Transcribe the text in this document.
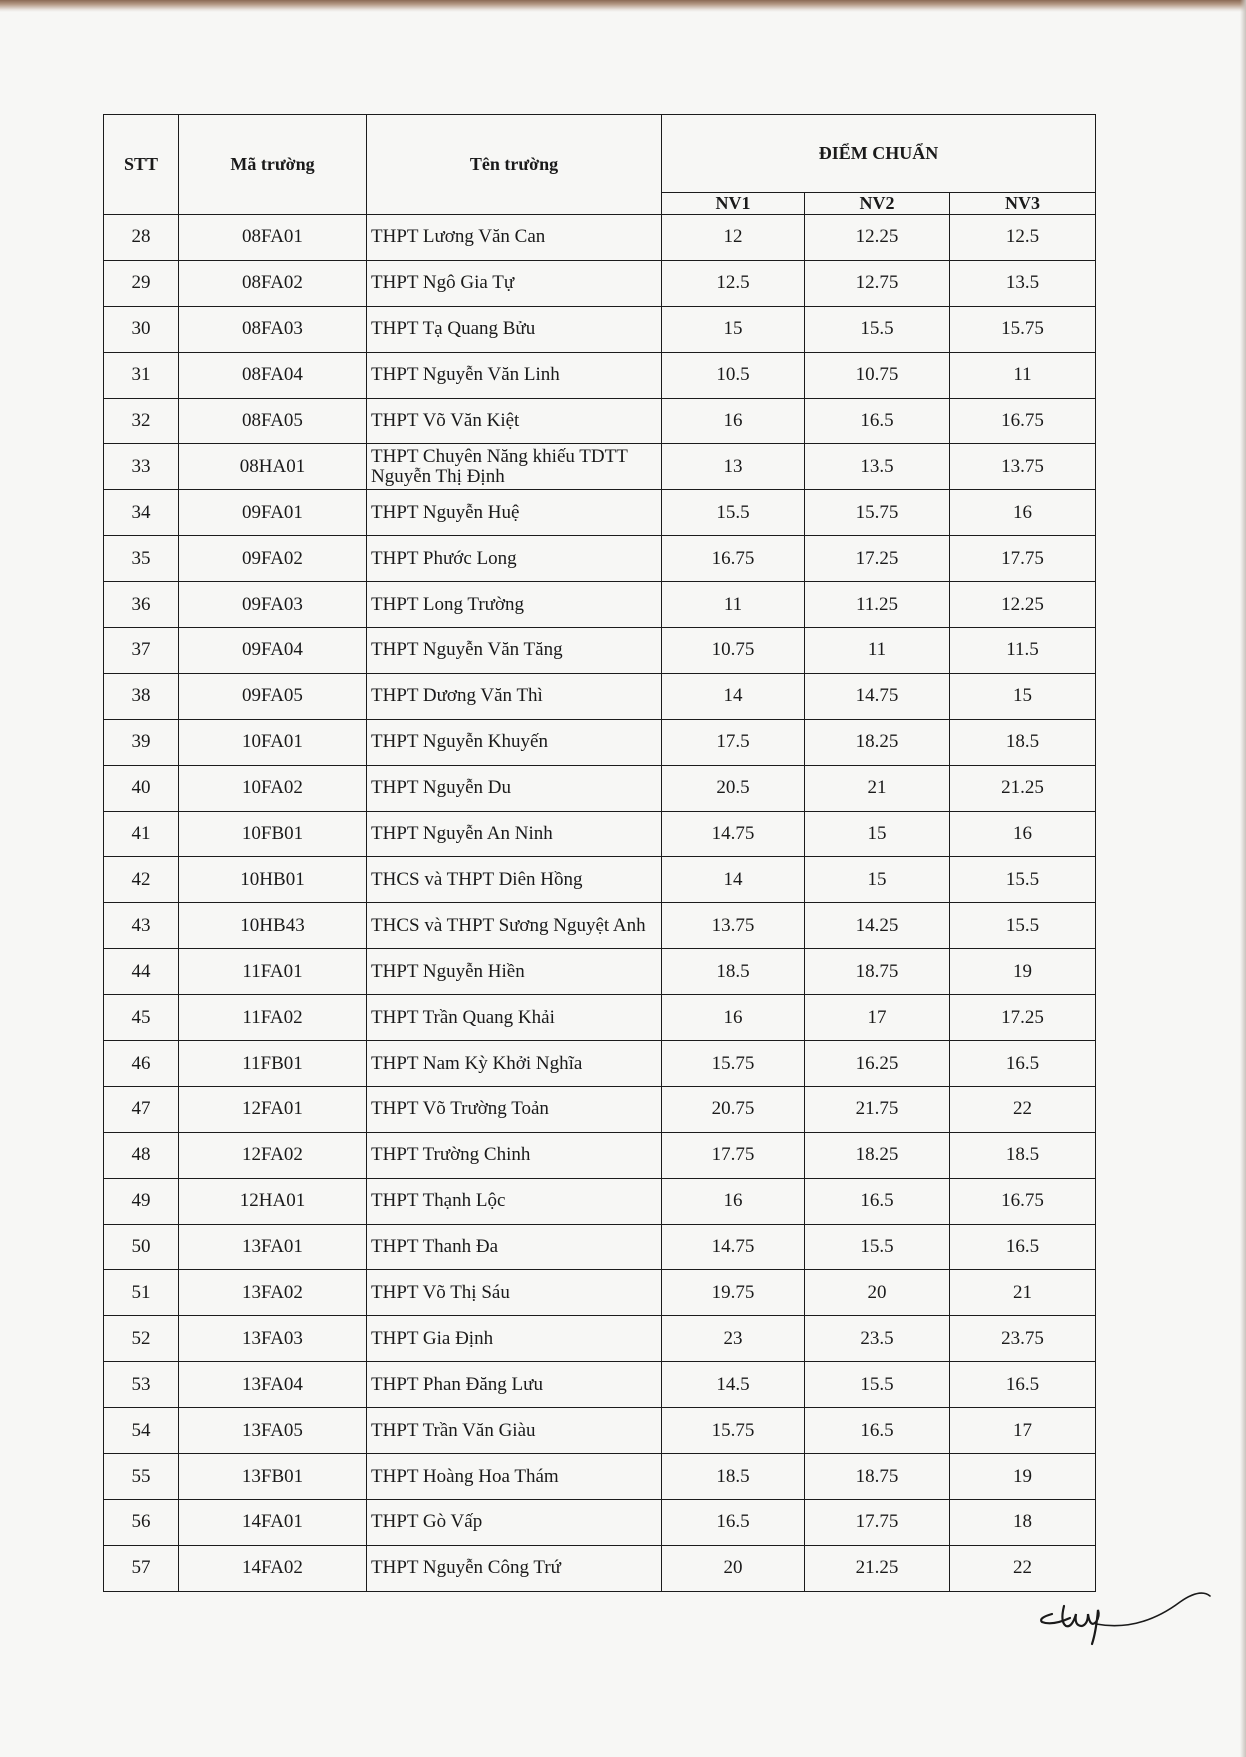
STT	Mã trường	Tên trường	ĐIỂM CHUẨN		
			NV1	NV2	NV3
28	08FA01	THPT Lương Văn Can	12	12.25	12.5
29	08FA02	THPT Ngô Gia Tự	12.5	12.75	13.5
30	08FA03	THPT Tạ Quang Bửu	15	15.5	15.75
31	08FA04	THPT Nguyễn Văn Linh	10.5	10.75	11
32	08FA05	THPT Võ Văn Kiệt	16	16.5	16.75
33	08HA01	THPT Chuyên Năng khiếu TDTT Nguyễn Thị Định	13	13.5	13.75
34	09FA01	THPT Nguyễn Huệ	15.5	15.75	16
35	09FA02	THPT Phước Long	16.75	17.25	17.75
36	09FA03	THPT Long Trường	11	11.25	12.25
37	09FA04	THPT Nguyễn Văn Tăng	10.75	11	11.5
38	09FA05	THPT Dương Văn Thì	14	14.75	15
39	10FA01	THPT Nguyễn Khuyến	17.5	18.25	18.5
40	10FA02	THPT Nguyễn Du	20.5	21	21.25
41	10FB01	THPT Nguyễn An Ninh	14.75	15	16
42	10HB01	THCS và THPT Diên Hồng	14	15	15.5
43	10HB43	THCS và THPT Sương Nguyệt Anh	13.75	14.25	15.5
44	11FA01	THPT Nguyễn Hiền	18.5	18.75	19
45	11FA02	THPT Trần Quang Khải	16	17	17.25
46	11FB01	THPT Nam Kỳ Khởi Nghĩa	15.75	16.25	16.5
47	12FA01	THPT Võ Trường Toản	20.75	21.75	22
48	12FA02	THPT Trường Chinh	17.75	18.25	18.5
49	12HA01	THPT Thạnh Lộc	16	16.5	16.75
50	13FA01	THPT Thanh Đa	14.75	15.5	16.5
51	13FA02	THPT Võ Thị Sáu	19.75	20	21
52	13FA03	THPT Gia Định	23	23.5	23.75
53	13FA04	THPT Phan Đăng Lưu	14.5	15.5	16.5
54	13FA05	THPT Trần Văn Giàu	15.75	16.5	17
55	13FB01	THPT Hoàng Hoa Thám	18.5	18.75	19
56	14FA01	THPT Gò Vấp	16.5	17.75	18
57	14FA02	THPT Nguyễn Công Trứ	20	21.25	22
